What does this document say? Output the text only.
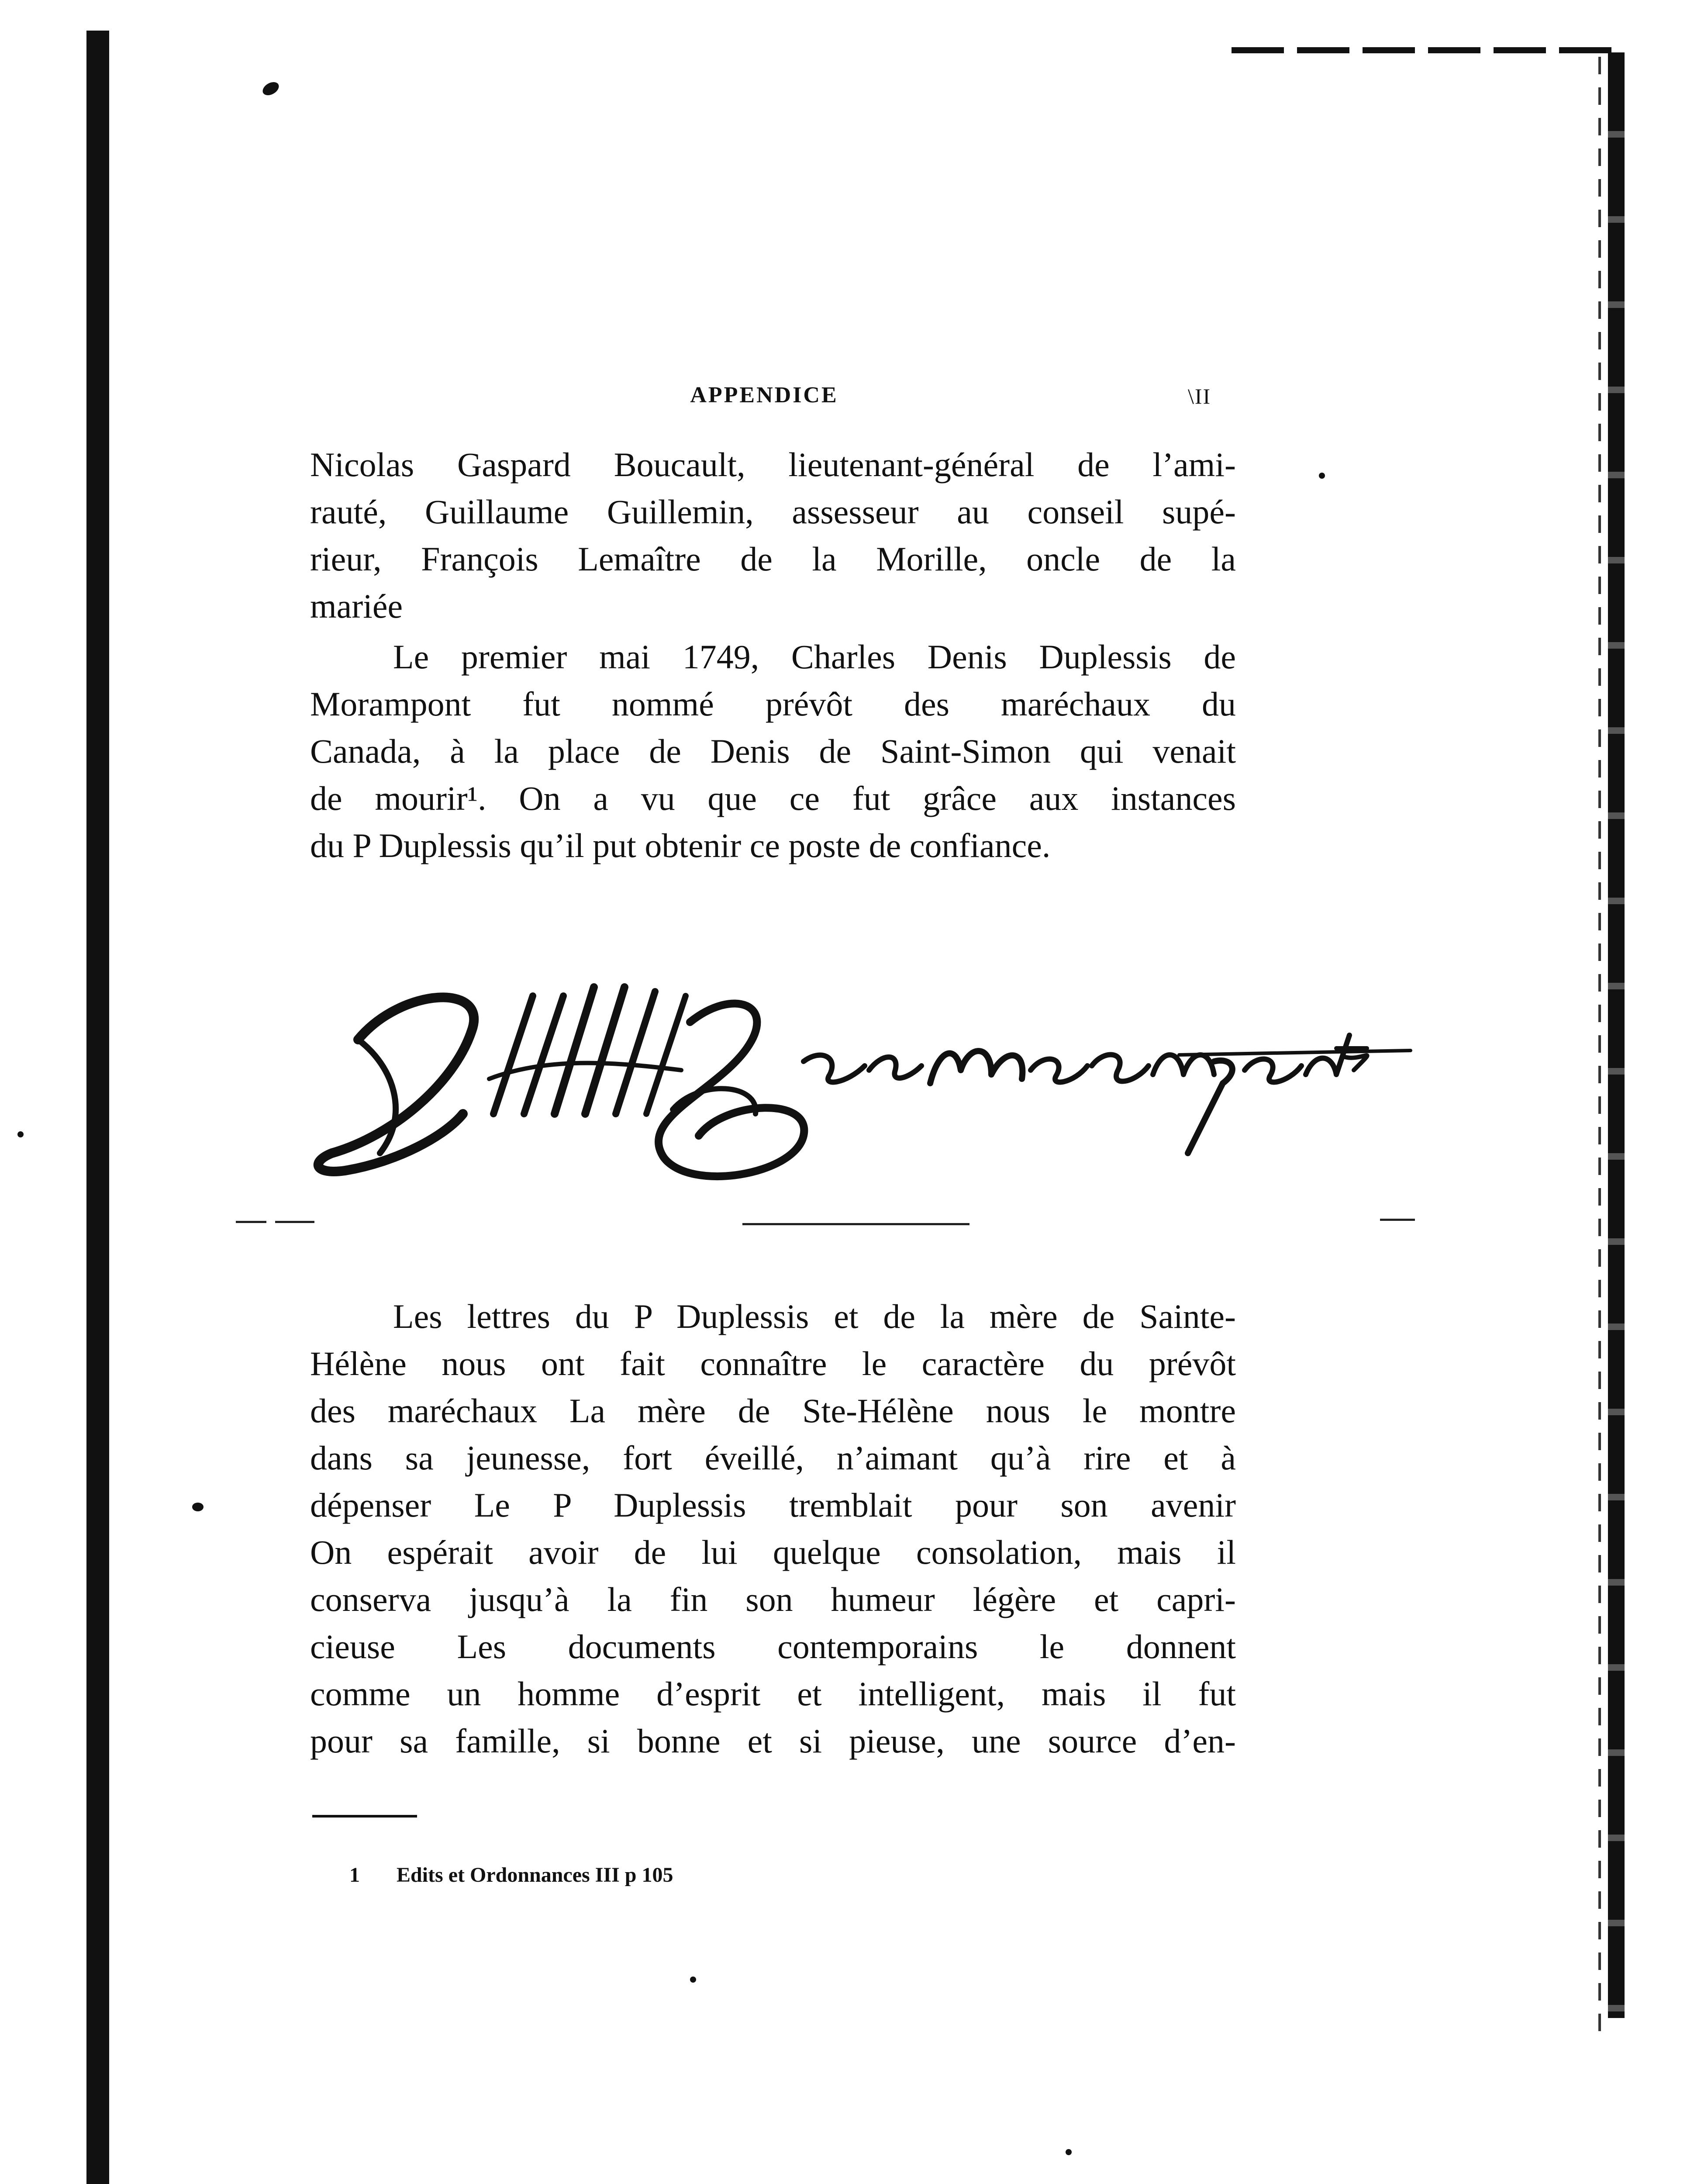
APPENDICE	\II
Nicolas Gaspard Boucault, lieutenant-général de l’ami-
rauté, Guillaume Guillemin, assesseur au conseil supé-
rieur, François Lemaître de la Morille, oncle de la
mariée
Le premier mai 1749, Charles Denis Duplessis de
Morampont fut nommé prévôt des maréchaux du
Canada, à la place de Denis de Saint-Simon qui venait
de mourir¹. On a vu que ce fut grâce aux instances
du P Duplessis qu’il put obtenir ce poste de confiance.
Les lettres du P Duplessis et de la mère de Sainte-
Hélène nous ont fait connaître le caractère du prévôt
des maréchaux La mère de Ste-Hélène nous le montre
dans sa jeunesse, fort éveillé, n’aimant qu’à rire et à
dépenser Le P Duplessis tremblait pour son avenir
On espérait avoir de lui quelque consolation, mais il
conserva jusqu’à la fin son humeur légère et capri-
cieuse Les documents contemporains le donnent
comme un homme d’esprit et intelligent, mais il fut
pour sa famille, si bonne et si pieuse, une source d’en-
1 Edits et Ordonnances III p 105
